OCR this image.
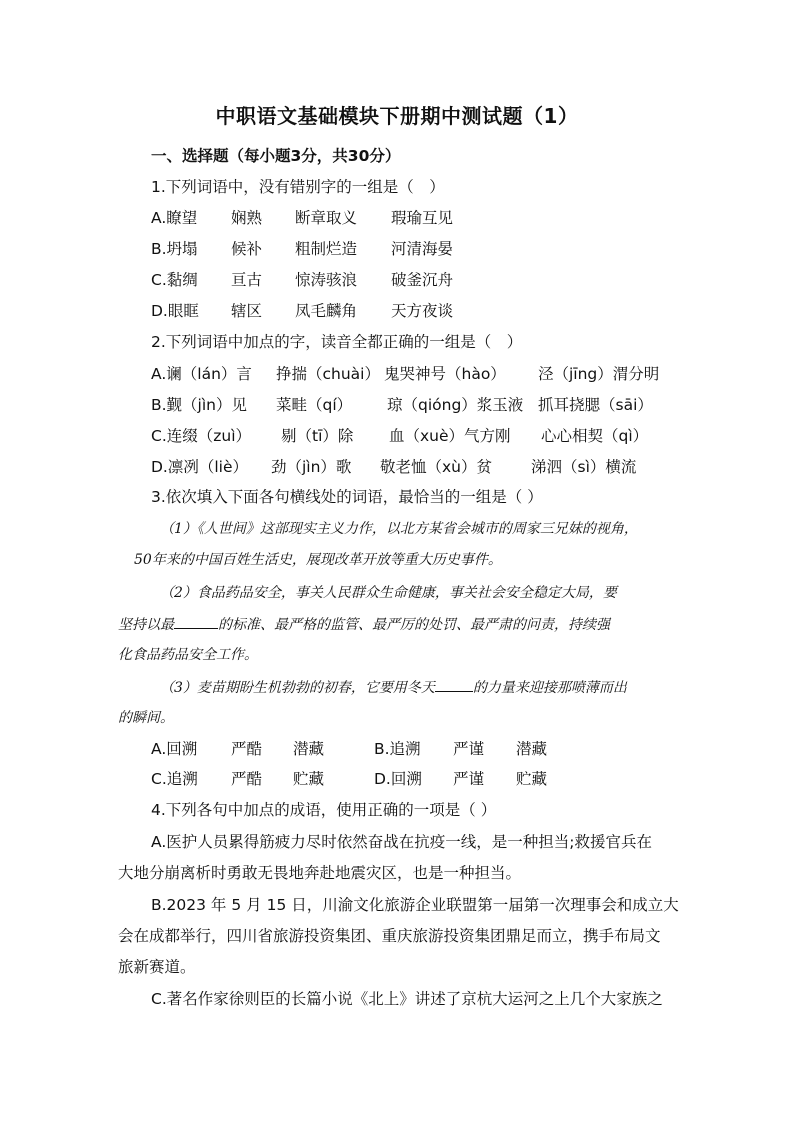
中职语文基础模块下册期中测试题（1）
一、选择题（每小题3分，共30分）
1.下列词语中，没有错别字的一组是（　）
A.瞭望 娴熟 断章取义 瑕瑜互见
B.坍塌 候补 粗制烂造 河清海晏
C.黏绸 亘古 惊涛骇浪 破釜沉舟
D.眼眶 辖区 凤毛麟角 天方夜谈
2.下列词语中加点的字，读音全都正确的一组是（　）
A.谰（lán）言 挣揣（chuài） 鬼哭神号（hào） 泾（jīng）渭分明
B.觐（jìn）见 菜畦（qí） 琼（qióng）浆玉液 抓耳挠腮（sāi）
C.连缀（zuì） 剔（tī）除 血（xuè）气方刚 心心相契（qì）
D.凛冽（liè） 劲（jìn）歌 敬老恤（xù）贫	涕泗（sì）横流
3.依次填入下面各句横线处的词语，最恰当的一组是（ ）
（1）《人世间》这部现实主义力作，以北方某省会城市的周家三兄妹的视角，
50年来的中国百姓生活史，展现改革开放等重大历史事件。
（2）食品药品安全，事关人民群众生命健康，事关社会安全稳定大局，要
坚持以最	的标准、最严格的监管、最严厉的处罚、最严肃的问责，持续强
化食品药品安全工作。
（3）麦苗期盼生机勃勃的初春，它要用冬天	的力量来迎接那喷薄而出
的瞬间。
A.回溯 严酷 潜藏	B.追溯 严谨 潜藏
C.追溯 严酷 贮藏	D.回溯 严谨 贮藏
4.下列各句中加点的成语，使用正确的一项是（ ）
A.医护人员累得筋疲力尽时依然奋战在抗疫一线，是一种担当;救援官兵在
大地分崩离析时勇敢无畏地奔赴地震灾区，也是一种担当。
B.2023 年 5 月 15 日，川渝文化旅游企业联盟第一届第一次理事会和成立大
会在成都举行，四川省旅游投资集团、重庆旅游投资集团鼎足而立，携手布局文
旅新赛道。
C.著名作家徐则臣的长篇小说《北上》讲述了京杭大运河之上几个大家族之
